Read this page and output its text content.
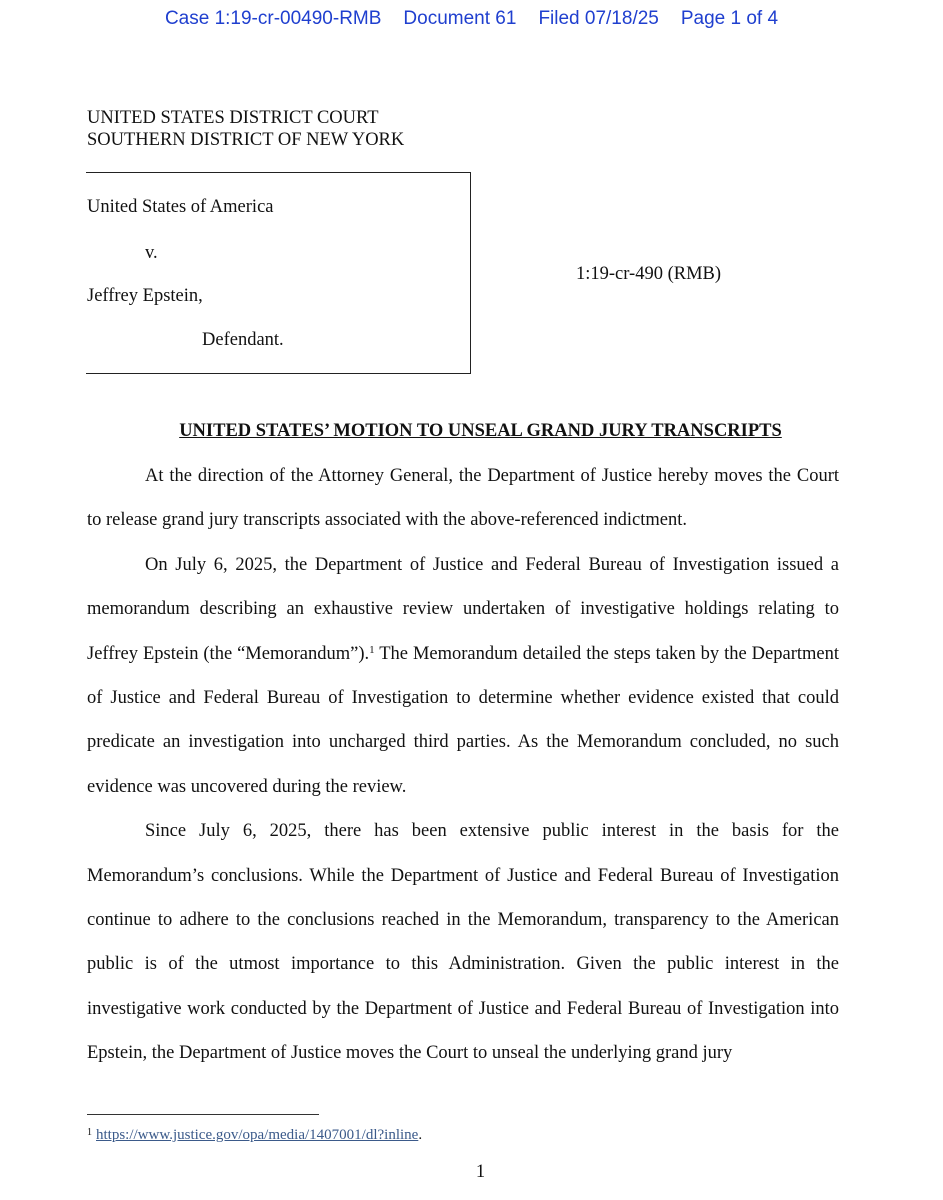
Case 1:19-cr-00490-RMB Document 61 Filed 07/18/25 Page 1 of 4
UNITED STATES DISTRICT COURT
SOUTHERN DISTRICT OF NEW YORK
United States of America
v.
Jeffrey Epstein,
Defendant.
1:19-cr-490 (RMB)
UNITED STATES’ MOTION TO UNSEAL GRAND JURY TRANSCRIPTS

At the direction of the Attorney General, the Department of Justice hereby moves the Court to release grand jury transcripts associated with the above-referenced indictment.

On July 6, 2025, the Department of Justice and Federal Bureau of Investigation issued a memorandum describing an exhaustive review undertaken of investigative holdings relating to Jeffrey Epstein (the “Memorandum”).$^1$ The Memorandum detailed the steps taken by the Department of Justice and Federal Bureau of Investigation to determine whether evidence existed that could predicate an investigation into uncharged third parties. As the Memorandum concluded, no such evidence was uncovered during the review.

Since July 6, 2025, there has been extensive public interest in the basis for the Memorandum’s conclusions. While the Department of Justice and Federal Bureau of Investigation continue to adhere to the conclusions reached in the Memorandum, transparency to the American public is of the utmost importance to this Administration. Given the public interest in the investigative work conducted by the Department of Justice and Federal Bureau of Investigation into Epstein, the Department of Justice moves the Court to unseal the underlying grand jury

$^1$ https://www.justice.gov/opa/media/1407001/dl?inline.
1
